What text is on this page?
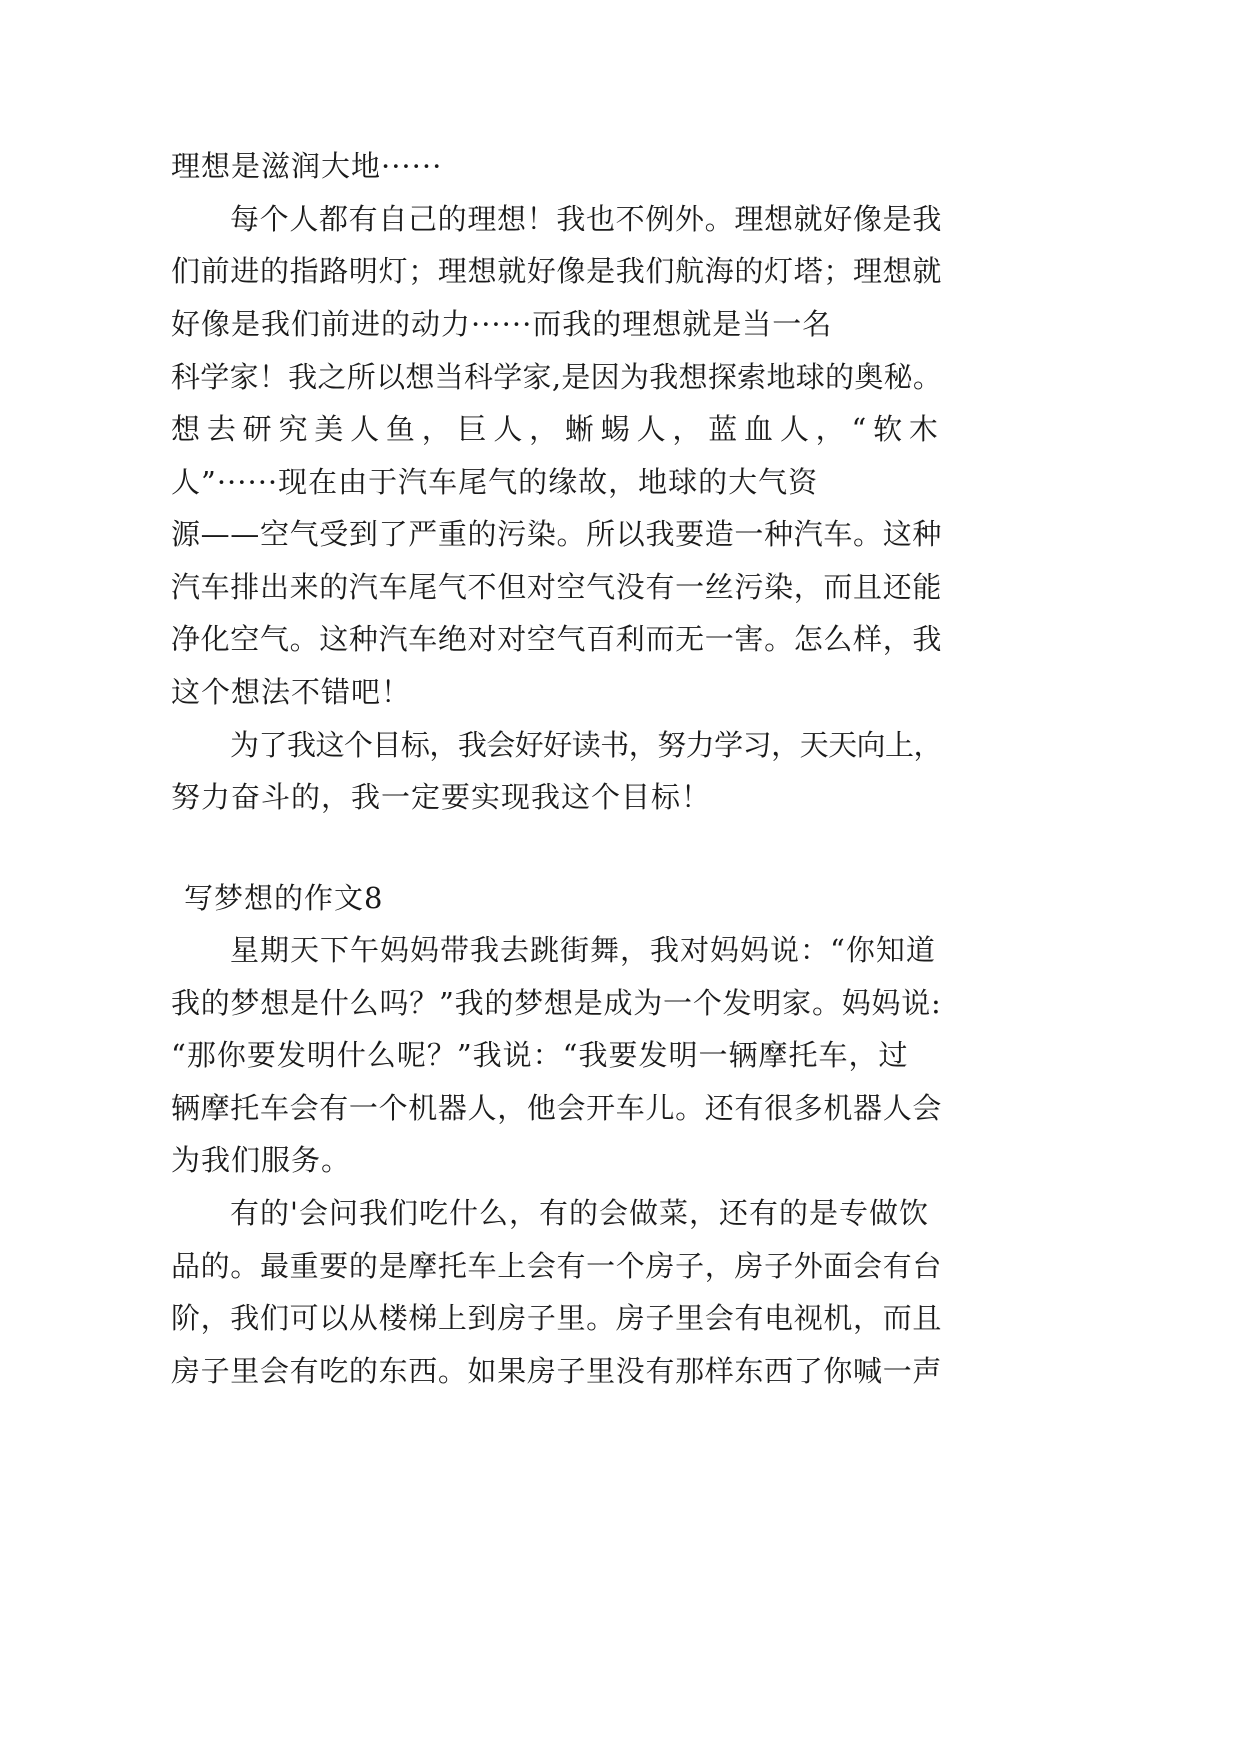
理想是滋润大地······

每个人都有自己的理想！我也不例外。理想就好像是我

们前进的指路明灯；理想就好像是我们航海的灯塔；理想就

好像是我们前进的动力······而我的理想就是当一名

科学家！我之所以想当科学家,是因为我想探索地球的奥秘。

想 去 研 究 美 人 鱼 ， 巨 人 ， 蜥 蜴 人 ， 蓝 血 人 ， “ 软 木

人”······现在由于汽车尾气的缘故，地球的大气资

源——空气受到了严重的污染。所以我要造一种汽车。这种

汽车排出来的汽车尾气不但对空气没有一丝污染，而且还能

净化空气。这种汽车绝对对空气百利而无一害。怎么样，我

这个想法不错吧！

为了我这个目标，我会好好读书，努力学习，天天向上，

努力奋斗的，我一定要实现我这个目标！

写梦想的作文8

星期天下午妈妈带我去跳街舞，我对妈妈说：“你知道

我的梦想是什么吗？”我的梦想是成为一个发明家。妈妈说:

“那你要发明什么呢？”我说：“我要发明一辆摩托车，过

辆摩托车会有一个机器人，他会开车儿。还有很多机器人会

为我们服务。

有的'会问我们吃什么，有的会做菜，还有的是专做饮

品的。最重要的是摩托车上会有一个房子，房子外面会有台

阶，我们可以从楼梯上到房子里。房子里会有电视机，而且

房子里会有吃的东西。如果房子里没有那样东西了你喊一声
